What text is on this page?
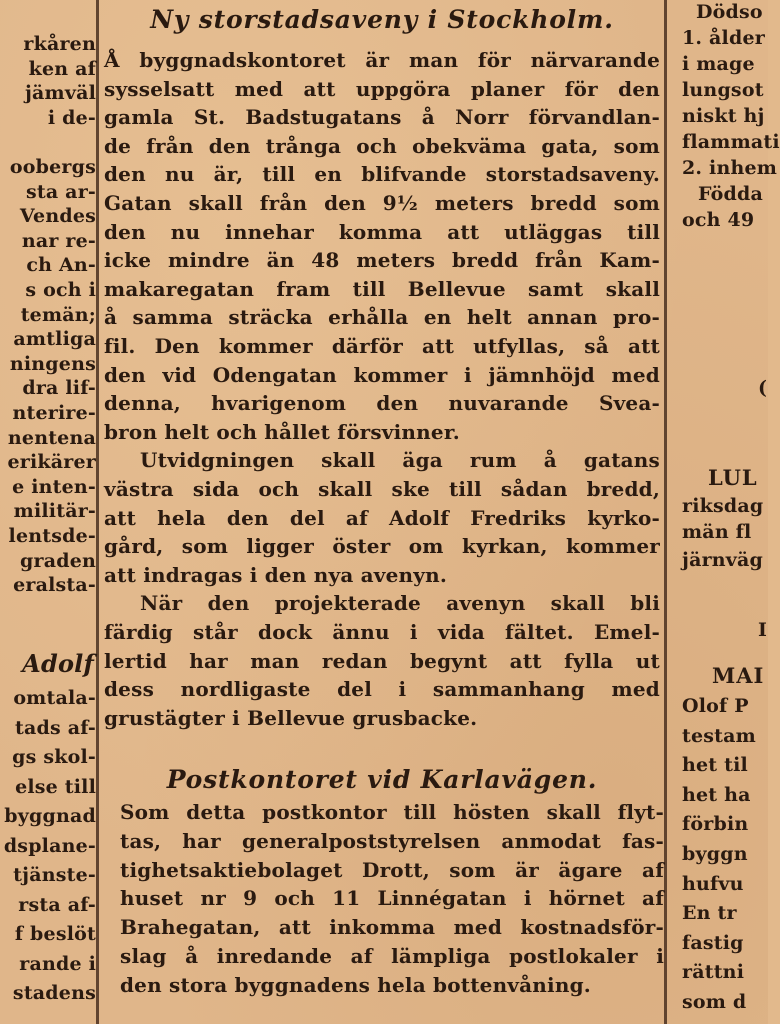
rkåren
ken af
jämväl
i de-
oobergs
sta ar-
Vendes
nar re-
ch An-
s och i
temän;
amtliga
ningens
dra lif-
nterire-
nentena
erikärer
e inten-
militär-
lentsde-
graden
eralsta-
Adolf
omtala-
tads af-
gs skol-
else till
byggnad
dsplane-
tjänste-
rsta af-
f beslöt
rande i
stadens
Ny storstadsaveny i Stockholm.
Å byggnadskontoret är man för närvarande
sysselsatt med att uppgöra planer för den
gamla St. Badstugatans å Norr förvandlan-
de från den trånga och obekväma gata, som
den nu är, till en blifvande storstadsaveny.
Gatan skall från den 9½ meters bredd som
den nu innehar komma att utläggas till
icke mindre än 48 meters bredd från Kam-
makaregatan fram till Bellevue samt skall
å samma sträcka erhålla en helt annan pro-
fil. Den kommer därför att utfyllas, så att
den vid Odengatan kommer i jämnhöjd med
denna, hvarigenom den nuvarande Svea-
bron helt och hållet försvinner.
Utvidgningen skall äga rum å gatans
västra sida och skall ske till sådan bredd,
att hela den del af Adolf Fredriks kyrko-
gård, som ligger öster om kyrkan, kommer
att indragas i den nya avenyn.
När den projekterade avenyn skall bli
färdig står dock ännu i vida fältet. Emel-
lertid har man redan begynt att fylla ut
dess nordligaste del i sammanhang med
grustägter i Bellevue grusbacke.
Postkontoret vid Karlavägen.
Som detta postkontor till hösten skall flyt-
tas, har generalpoststyrelsen anmodat fas-
tighetsaktiebolaget Drott, som är ägare af
huset nr 9 och 11 Linnégatan i hörnet af
Brahegatan, att inkomma med kostnadsför-
slag å inredande af lämpliga postlokaler i
den stora byggnadens hela bottenvåning.
Dödso
1. ålder
i mage
lungsot
niskt hj
flammati
2. inhem
Födda
och 49
(
LUL
riksdag
män fl
järnväg
I
MAI
Olof P
testam
het til
het ha
förbin
byggn
hufvu
En tr
fastig
rättni
som d
